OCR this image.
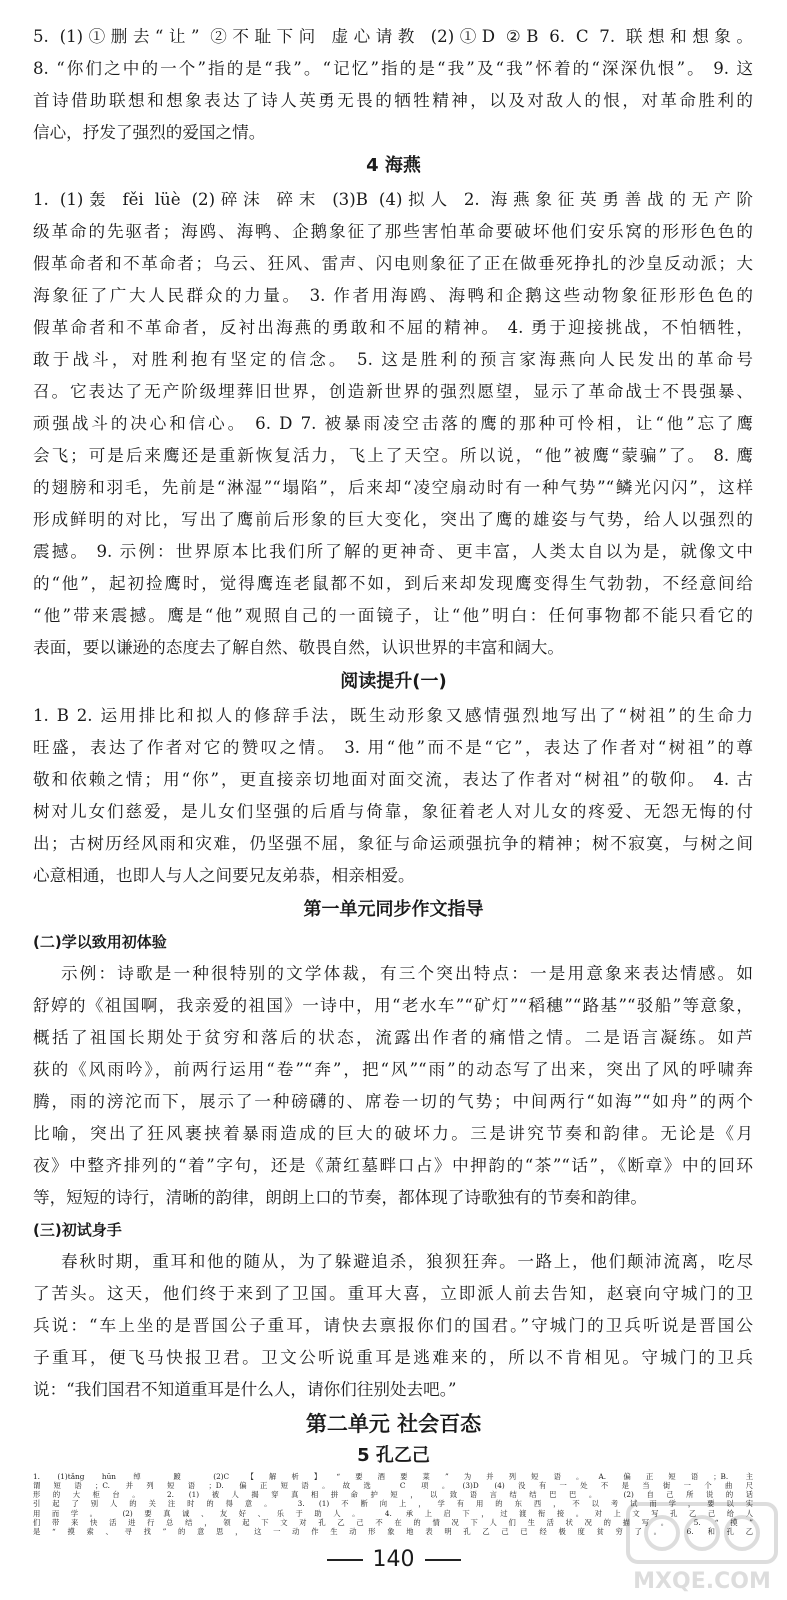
5. (1)①删去“让” ②不耻下问 虚心请教 (2)①D ②B 6. C 7. 联想和想象。
8. “你们之中的一个”指的是“我”。“记忆”指的是“我”及“我”怀着的“深深仇恨”。 9. 这
首诗借助联想和想象表达了诗人英勇无畏的牺牲精神，以及对敌人的恨，对革命胜利的
信心，抒发了强烈的爱国之情。
4 海燕
1. (1)轰 fěi lüè (2)碎沫 碎末 (3)B (4)拟人 2. 海燕象征英勇善战的无产阶
级革命的先驱者；海鸥、海鸭、企鹅象征了那些害怕革命要破坏他们安乐窝的形形色色的
假革命者和不革命者；乌云、狂风、雷声、闪电则象征了正在做垂死挣扎的沙皇反动派；大
海象征了广大人民群众的力量。 3. 作者用海鸥、海鸭和企鹅这些动物象征形形色色的
假革命者和不革命者，反衬出海燕的勇敢和不屈的精神。 4. 勇于迎接挑战，不怕牺牲，
敢于战斗，对胜利抱有坚定的信念。 5. 这是胜利的预言家海燕向人民发出的革命号
召。它表达了无产阶级埋葬旧世界，创造新世界的强烈愿望，显示了革命战士不畏强暴、
顽强战斗的决心和信心。 6. D 7. 被暴雨凌空击落的鹰的那种可怜相，让“他”忘了鹰
会飞；可是后来鹰还是重新恢复活力，飞上了天空。所以说，“他”被鹰“蒙骗”了。 8. 鹰
的翅膀和羽毛，先前是“淋湿”“塌陷”，后来却“凌空扇动时有一种气势”“鳞光闪闪”，这样
形成鲜明的对比，写出了鹰前后形象的巨大变化，突出了鹰的雄姿与气势，给人以强烈的
震撼。 9. 示例：世界原本比我们所了解的更神奇、更丰富，人类太自以为是，就像文中
的“他”，起初捡鹰时，觉得鹰连老鼠都不如，到后来却发现鹰变得生气勃勃，不经意间给
“他”带来震撼。鹰是“他”观照自己的一面镜子，让“他”明白：任何事物都不能只看它的
表面，要以谦逊的态度去了解自然、敬畏自然，认识世界的丰富和阔大。
阅读提升(一)
1. B 2. 运用排比和拟人的修辞手法，既生动形象又感情强烈地写出了“树祖”的生命力
旺盛，表达了作者对它的赞叹之情。 3. 用“他”而不是“它”，表达了作者对“树祖”的尊
敬和依赖之情；用“你”，更直接亲切地面对面交流，表达了作者对“树祖”的敬仰。 4. 古
树对儿女们慈爱，是儿女们坚强的后盾与倚靠，象征着老人对儿女的疼爱、无怨无悔的付
出；古树历经风雨和灾难，仍坚强不屈，象征与命运顽强抗争的精神；树不寂寞，与树之间
心意相通，也即人与人之间要兄友弟恭，相亲相爱。
第一单元同步作文指导
(二)学以致用初体验
示例：诗歌是一种很特别的文学体裁，有三个突出特点：一是用意象来表达情感。如
舒婷的《祖国啊，我亲爱的祖国》一诗中，用“老水车”“矿灯”“稻穗”“路基”“驳船”等意象，
概括了祖国长期处于贫穷和落后的状态，流露出作者的痛惜之情。二是语言凝练。如芦
荻的《风雨吟》，前两行运用“卷”“奔”，把“风”“雨”的动态写了出来，突出了风的呼啸奔
腾，雨的滂沱而下，展示了一种磅礴的、席卷一切的气势；中间两行“如海”“如舟”的两个
比喻，突出了狂风裹挟着暴雨造成的巨大的破坏力。三是讲究节奏和韵律。无论是《月
夜》中整齐排列的“着”字句，还是《萧红墓畔口占》中押韵的“茶”“话”，《断章》中的回环
等，短短的诗行，清晰的韵律，朗朗上口的节奏，都体现了诗歌独有的节奏和韵律。
(三)初试身手
春秋时期，重耳和他的随从，为了躲避追杀，狼狈狂奔。一路上，他们颠沛流离，吃尽
了苦头。这天，他们终于来到了卫国。重耳大喜，立即派人前去告知，赵衰向守城门的卫
兵说：“车上坐的是晋国公子重耳，请快去禀报你们的国君。”守城门的卫兵听说是晋国公
子重耳，便飞马快报卫君。卫文公听说重耳是逃难来的，所以不肯相见。守城门的卫兵
说：“我们国君不知道重耳是什么人，请你们往别处去吧。”
第二单元 社会百态
5 孔乙己
1. (1)tǎng hūn 绰 踱 (2)C 【解析】“要酒要菜”为并列短语。A. 偏正短语；B. 主
140
MXQE.COM
谓短语；C. 并列短语；D. 偏正短语。故选 C 项。(3)D (4)没有一处不是当街一个曲尺
形的大柜台。 2. (1)被人揭穿真相拼命护短，以致语言结结巴巴。 (2)自己所说的话
引起了别人的关注时的得意。 3. (1)不断向上，学有用的东西，不以考试而学，要以实
用而学。 (2)要真诚、友好、乐于助人。 4. 承上启下，过渡衔接。对上文写孔乙己给人
们带来快活进行总结，领起下文对孔乙己不在的情况下人们生活状况的描写。 5. “摸”
是“摸索、寻找”的意思，这一动作生动形象地表明孔乙己已经极度贫穷了。 6. 和孔乙
